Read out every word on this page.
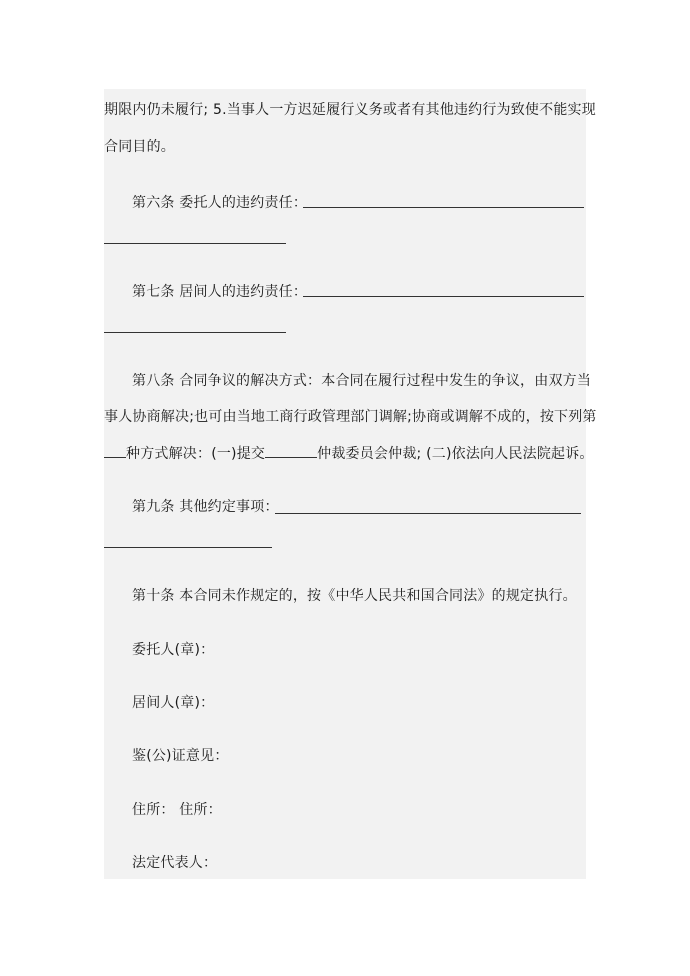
期限内仍未履行; 5.当事人一方迟延履行义务或者有其他违约行为致使不能实现
合同目的。
第六条 委托人的违约责任：
第七条 居间人的违约责任：
第八条 合同争议的解决方式：本合同在履行过程中发生的争议，由双方当
事人协商解决;也可由当地工商行政管理部门调解;协商或调解不成的，按下列第
种方式解决：(一)提交	仲裁委员会仲裁; (二)依法向人民法院起诉。
第九条 其他约定事项：
第十条 本合同未作规定的，按《中华人民共和国合同法》的规定执行。
委托人(章)：
居间人(章)：
鉴(公)证意见：
住所： 住所：
法定代表人：
